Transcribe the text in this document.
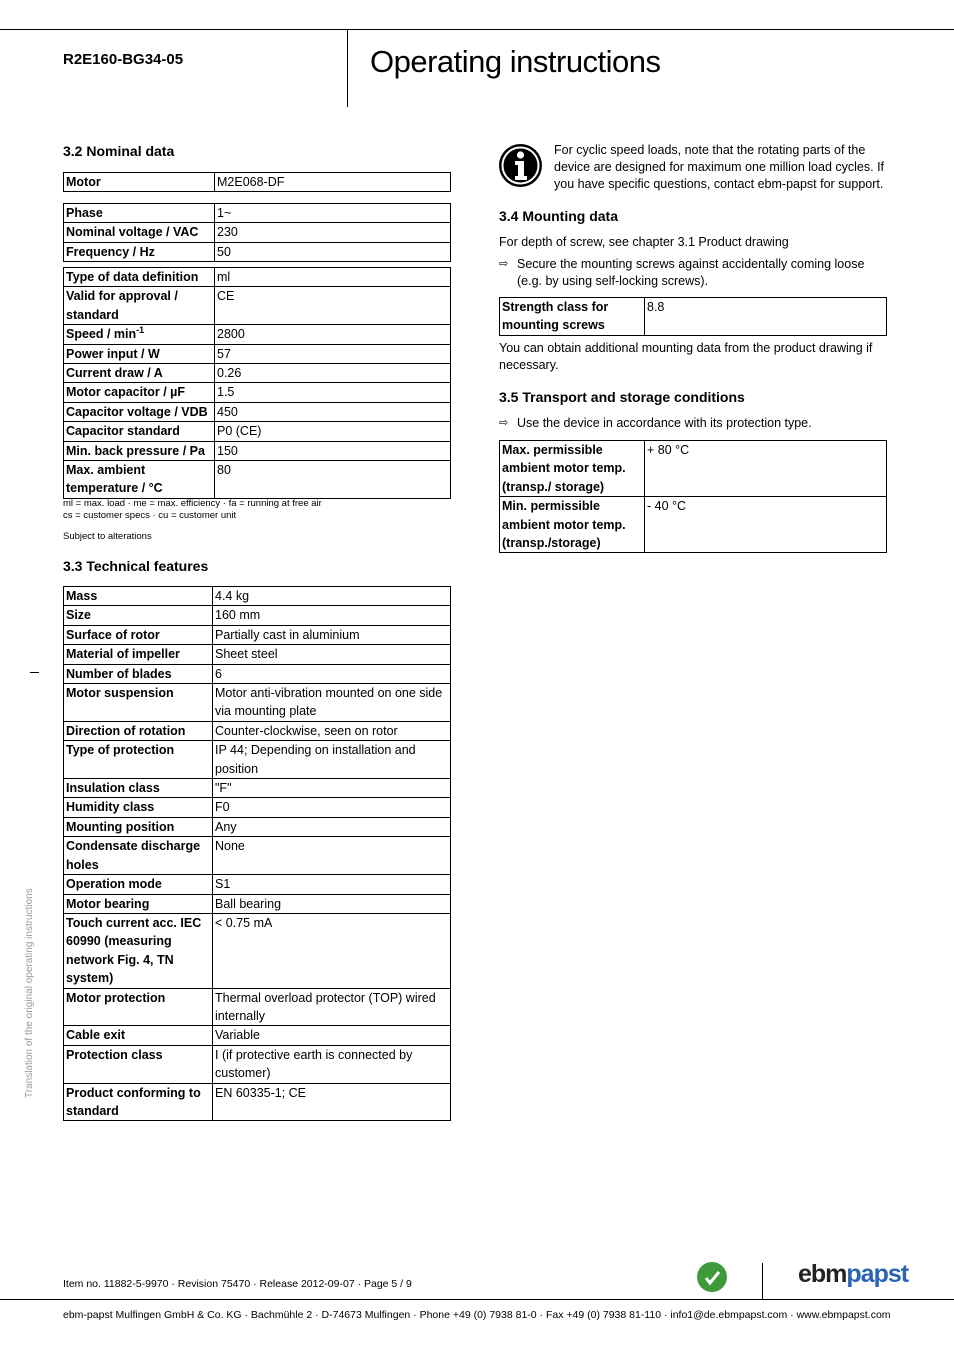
R2E160-BG34-05	Operating instructions
3.2 Nominal data
Motor	M2E068-DF
Phase	1~
Nominal voltage / VAC	230
Frequency / Hz	50
Type of data definition	ml
Valid for approval / standard	CE
Speed / $\min^{-1}$	2800
Power input / W	57
Current draw / A	0.26
Motor capacitor / µF	1.5
Capacitor voltage / VDB	450
Capacitor standard	P0 (CE)
Min. back pressure / Pa	150
Max. ambient temperature / °C	80
ml = max. load · me = max. efficiency · fa = running at free air
cs = customer specs · cu = customer unit
Subject to alterations
3.3 Technical features
Mass	4.4 kg
Size	160 mm
Surface of rotor	Partially cast in aluminium
Material of impeller	Sheet steel
Number of blades	6
Motor suspension	Motor anti-vibration mounted on one side via mounting plate
Direction of rotation	Counter-clockwise, seen on rotor
Type of protection	IP 44; Depending on installation and position
Insulation class	"F"
Humidity class	F0
Mounting position	Any
Condensate discharge holes	None
Operation mode	S1
Motor bearing	Ball bearing
Touch current acc. IEC 60990 (measuring network Fig. 4, TN system)	< 0.75 mA
Motor protection	Thermal overload protector (TOP) wired internally
Cable exit	Variable
Protection class	I (if protective earth is connected by customer)
Product conforming to standard	EN 60335-1; CE
For cyclic speed loads, note that the rotating parts of the device are designed for maximum one million load cycles. If you have specific questions, contact ebm-papst for support.
3.4 Mounting data
For depth of screw, see chapter 3.1 Product drawing
⇨ Secure the mounting screws against accidentally coming loose (e.g. by using self-locking screws).
Strength class for mounting screws	8.8
You can obtain additional mounting data from the product drawing if necessary.
3.5 Transport and storage conditions
⇨ Use the device in accordance with its protection type.
Max. permissible ambient motor temp. (transp./ storage)	+ 80 °C
Min. permissible ambient motor temp. (transp./storage)	- 40 °C
Translation of the original operating instructions
Item no. 11882-5-9970 · Revision 75470 · Release 2012-09-07 · Page 5 / 9	ebmpapst
ebm-papst Mulfingen GmbH & Co. KG · Bachmühle 2 · D-74673 Mulfingen · Phone +49 (0) 7938 81-0 · Fax +49 (0) 7938 81-110 · info1@de.ebmpapst.com · www.ebmpapst.com
